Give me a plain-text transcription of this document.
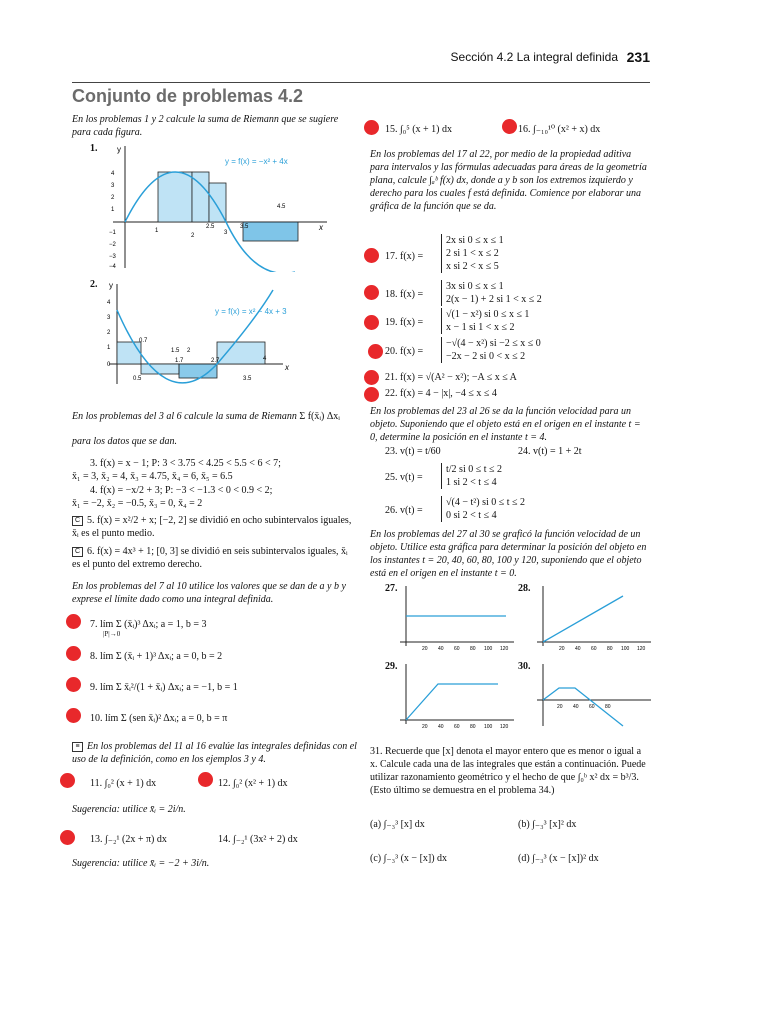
Sección 4.2 La integral definida 231
Conjunto de problemas 4.2
En los problemas 1 y 2 calcule la suma de Riemann que se sugiere para cada figura.
1. y
x
y = f(x) = −x² + 4x
1
2
2.5
3
3.5
4.5
4
3
2
1
−1
−2
−3
−4
2. y
x
y = f(x) = x² − 4x + 3
0.7
1.5 2
0.5
1.7	2.7
3.5
4
4
3
2
1
0
En los problemas del 3 al 6 calcule la suma de Riemann Σ f(x̄ᵢ) Δxᵢ
para los datos que se dan.
3. f(x) = x − 1; P: 3 < 3.75 < 4.25 < 5.5 < 6 < 7;
x̄₁ = 3, x̄₂ = 4, x̄₃ = 4.75, x̄₄ = 6, x̄₅ = 6.5
4. f(x) = −x/2 + 3; P: −3 < −1.3 < 0 < 0.9 < 2;
x̄₁ = −2, x̄₂ = −0.5, x̄₃ = 0, x̄₄ = 2
C 5. f(x) = x²/2 + x; [−2, 2] se dividió en ocho subintervalos iguales, x̄ᵢ es el punto medio.
C 6. f(x) = 4x³ + 1; [0, 3] se dividió en seis subintervalos iguales, x̄ᵢ es el punto del extremo derecho.
En los problemas del 7 al 10 utilice los valores que se dan de a y b y exprese el límite dado como una integral definida.
7. lím Σ (x̄ᵢ)³ Δxᵢ; a = 1, b = 3
8. lím Σ (x̄ᵢ + 1)³ Δxᵢ; a = 0, b = 2
9. lím Σ x̄ᵢ²/(1 + x̄ᵢ) Δxᵢ; a = −1, b = 1
10. lím Σ (sen x̄ᵢ)² Δxᵢ; a = 0, b = π
|P|→0
≡ En los problemas del 11 al 16 evalúe las integrales definidas con el uso de la definición, como en los ejemplos 3 y 4.
11. ∫₀² (x + 1) dx	12. ∫₀² (x² + 1) dx
Sugerencia: utilice x̄ᵢ = 2i/n.
13. ∫₋₂¹ (2x + π) dx	14. ∫₋₂¹ (3x² + 2) dx
Sugerencia: utilice x̄ᵢ = −2 + 3i/n.
15. ∫₀⁵ (x + 1) dx	16. ∫₋₁₀¹⁰ (x² + x) dx
En los problemas del 17 al 22, por medio de la propiedad aditiva para intervalos y las fórmulas adecuadas para áreas de la geometría plana, calcule ∫ₐᵇ f(x) dx, donde a y b son los extremos izquierdo y derecho para los cuales f está definida. Comience por elaborar una gráfica de la función que se da.
17. f(x) =
2x si 0 ≤ x ≤ 1
2 si 1 < x ≤ 2
x si 2 < x ≤ 5
18. f(x) =
3x si 0 ≤ x ≤ 1
2(x − 1) + 2 si 1 < x ≤ 2
19. f(x) =
√(1 − x²) si 0 ≤ x ≤ 1
x − 1 si 1 < x ≤ 2
20. f(x) =
−√(4 − x²) si −2 ≤ x ≤ 0
−2x − 2 si 0 < x ≤ 2
21. f(x) = √(A² − x²); −A ≤ x ≤ A
22. f(x) = 4 − |x|, −4 ≤ x ≤ 4
En los problemas del 23 al 26 se da la función velocidad para un objeto. Suponiendo que el objeto está en el origen en el instante t = 0, determine la posición en el instante t = 4.
23. v(t) = t/60	24. v(t) = 1 + 2t
25. v(t) =
t/2 si 0 ≤ t ≤ 2
1 si 2 < t ≤ 4
26. v(t) =
√(4 − t²) si 0 ≤ t ≤ 2
0 si 2 < t ≤ 4
En los problemas del 27 al 30 se graficó la función velocidad de un objeto. Utilice esta gráfica para determinar la posición del objeto en los instantes t = 20, 40, 60, 80, 100 y 120, suponiendo que el objeto está en el origen en el instante t = 0.
27.
20 40 60 80 100 120
28.
20 40 60 80 100 120
29.
20 40 60 80 100 120
30.
20 40 60 80
31. Recuerde que [x] denota el mayor entero que es menor o igual a x. Calcule cada una de las integrales que están a continuación. Puede utilizar razonamiento geométrico y el hecho de que ∫₀ᵇ x² dx = b³/3. (Esto último se demuestra en el problema 34.)
(a) ∫₋₃³ [x] dx	(b) ∫₋₃³ [x]² dx
(c) ∫₋₃³ (x − [x]) dx	(d) ∫₋₃³ (x − [x])² dx
